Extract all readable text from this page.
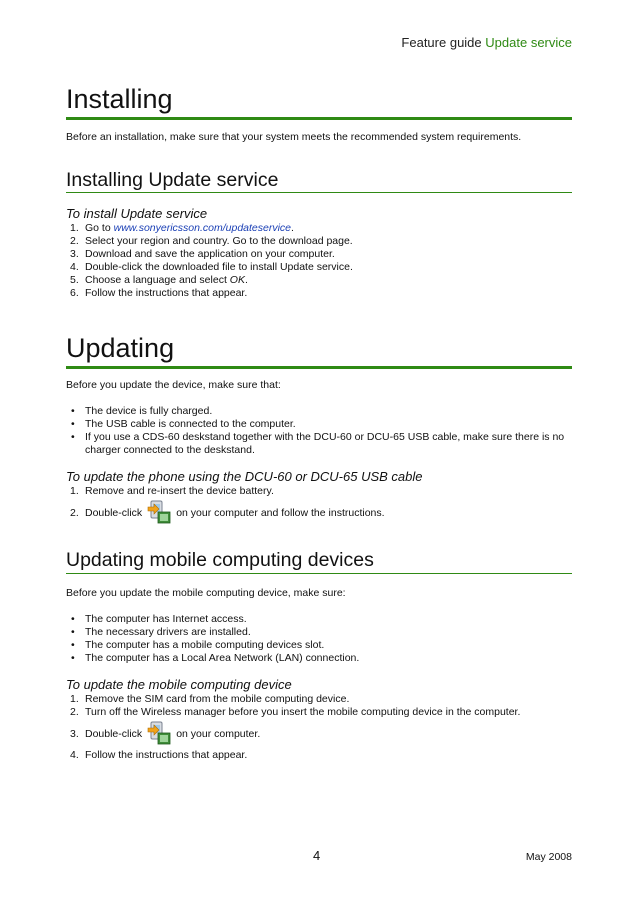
Feature guide Update service
Installing
Before an installation, make sure that your system meets the recommended system requirements.
Installing Update service
To install Update service
1. Go to www.sonyericsson.com/updateservice.
2. Select your region and country. Go to the download page.
3. Download and save the application on your computer.
4. Double-click the downloaded file to install Update service.
5. Choose a language and select OK.
6. Follow the instructions that appear.
Updating
Before you update the device, make sure that:
• The device is fully charged.
• The USB cable is connected to the computer.
• If you use a CDS-60 deskstand together with the DCU-60 or DCU-65 USB cable, make sure there is no charger connected to the deskstand.
To update the phone using the DCU-60 or DCU-65 USB cable
1. Remove and re-insert the device battery.
2. Double-click	on your computer and follow the instructions.
Updating mobile computing devices
Before you update the mobile computing device, make sure:
• The computer has Internet access.
• The necessary drivers are installed.
• The computer has a mobile computing devices slot.
• The computer has a Local Area Network (LAN) connection.
To update the mobile computing device
1. Remove the SIM card from the mobile computing device.
2. Turn off the Wireless manager before you insert the mobile computing device in the computer.
3. Double-click	on your computer.
4. Follow the instructions that appear.
4	May 2008
